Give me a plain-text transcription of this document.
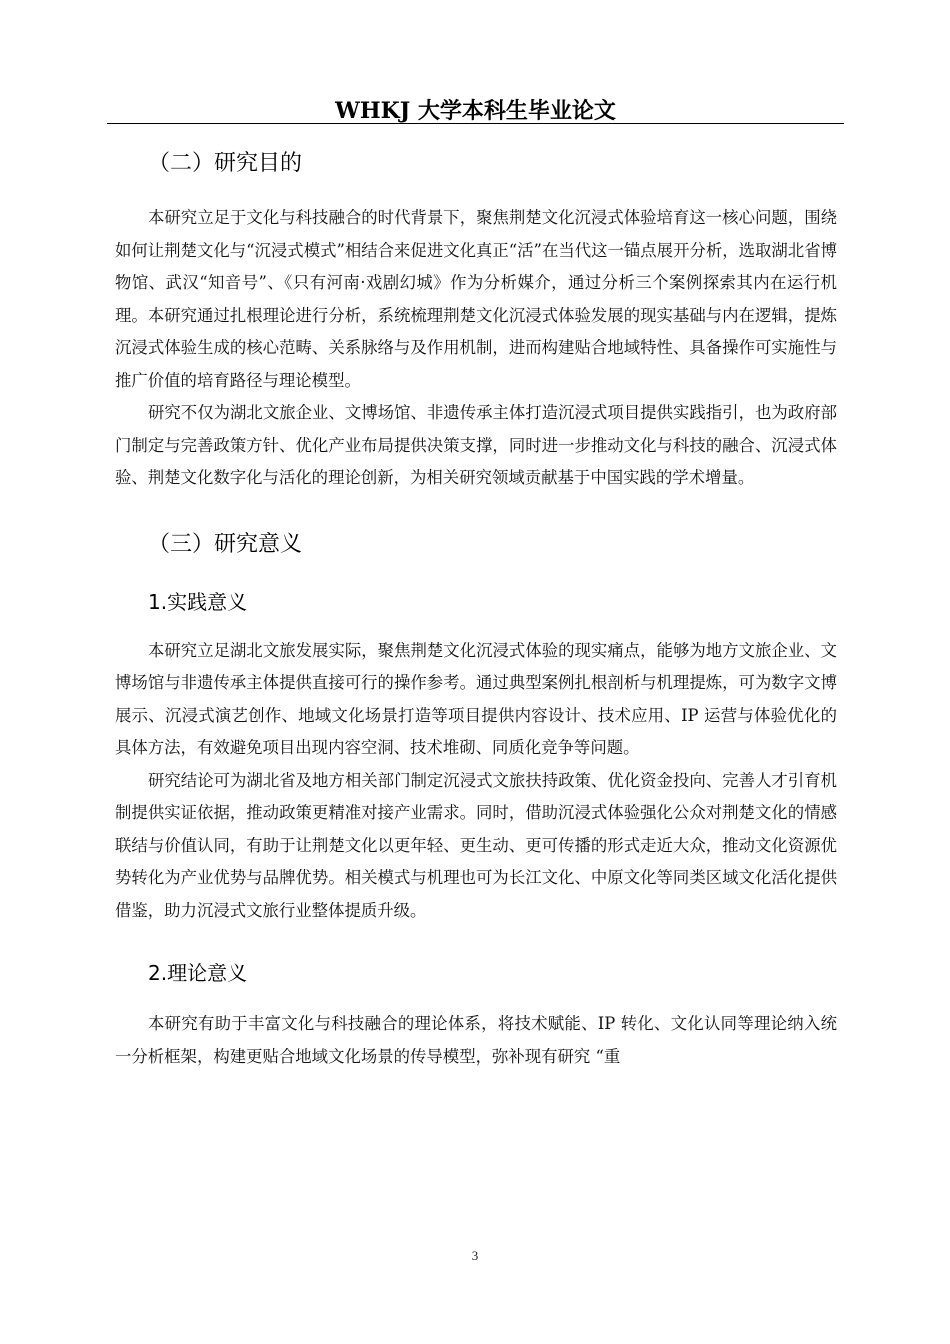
WHKJ 大学本科生毕业论文
（二）研究目的

本研究立足于文化与科技融合的时代背景下，聚焦荆楚文化沉浸式体验培育这一核心问题，围绕如何让荆楚文化与“沉浸式模式”相结合来促进文化真正“活”在当代这一锚点展开分析，选取湖北省博物馆、武汉“知音号”、《只有河南·戏剧幻城》作为分析媒介，通过分析三个案例探索其内在运行机理。本研究通过扎根理论进行分析，系统梳理荆楚文化沉浸式体验发展的现实基础与内在逻辑，提炼沉浸式体验生成的核心范畴、关系脉络与及作用机制，进而构建贴合地域特性、具备操作可实施性与推广价值的培育路径与理论模型。

研究不仅为湖北文旅企业、文博场馆、非遗传承主体打造沉浸式项目提供实践指引，也为政府部门制定与完善政策方针、优化产业布局提供决策支撑，同时进一步推动文化与科技的融合、沉浸式体验、荆楚文化数字化与活化的理论创新，为相关研究领域贡献基于中国实践的学术增量。

（三）研究意义
1.实践意义

本研究立足湖北文旅发展实际，聚焦荆楚文化沉浸式体验的现实痛点，能够为地方文旅企业、文博场馆与非遗传承主体提供直接可行的操作参考。通过典型案例扎根剖析与机理提炼，可为数字文博展示、沉浸式演艺创作、地域文化场景打造等项目提供内容设计、技术应用、IP 运营与体验优化的具体方法，有效避免项目出现内容空洞、技术堆砌、同质化竞争等问题。

研究结论可为湖北省及地方相关部门制定沉浸式文旅扶持政策、优化资金投向、完善人才引育机制提供实证依据，推动政策更精准对接产业需求。同时，借助沉浸式体验强化公众对荆楚文化的情感联结与价值认同，有助于让荆楚文化以更年轻、更生动、更可传播的形式走近大众，推动文化资源优势转化为产业优势与品牌优势。相关模式与机理也可为长江文化、中原文化等同类区域文化活化提供借鉴，助力沉浸式文旅行业整体提质升级。

2.理论意义

本研究有助于丰富文化与科技融合的理论体系，将技术赋能、IP 转化、文化认同等理论纳入统一分析框架，构建更贴合地域文化场景的传导模型，弥补现有研究 “重

3
